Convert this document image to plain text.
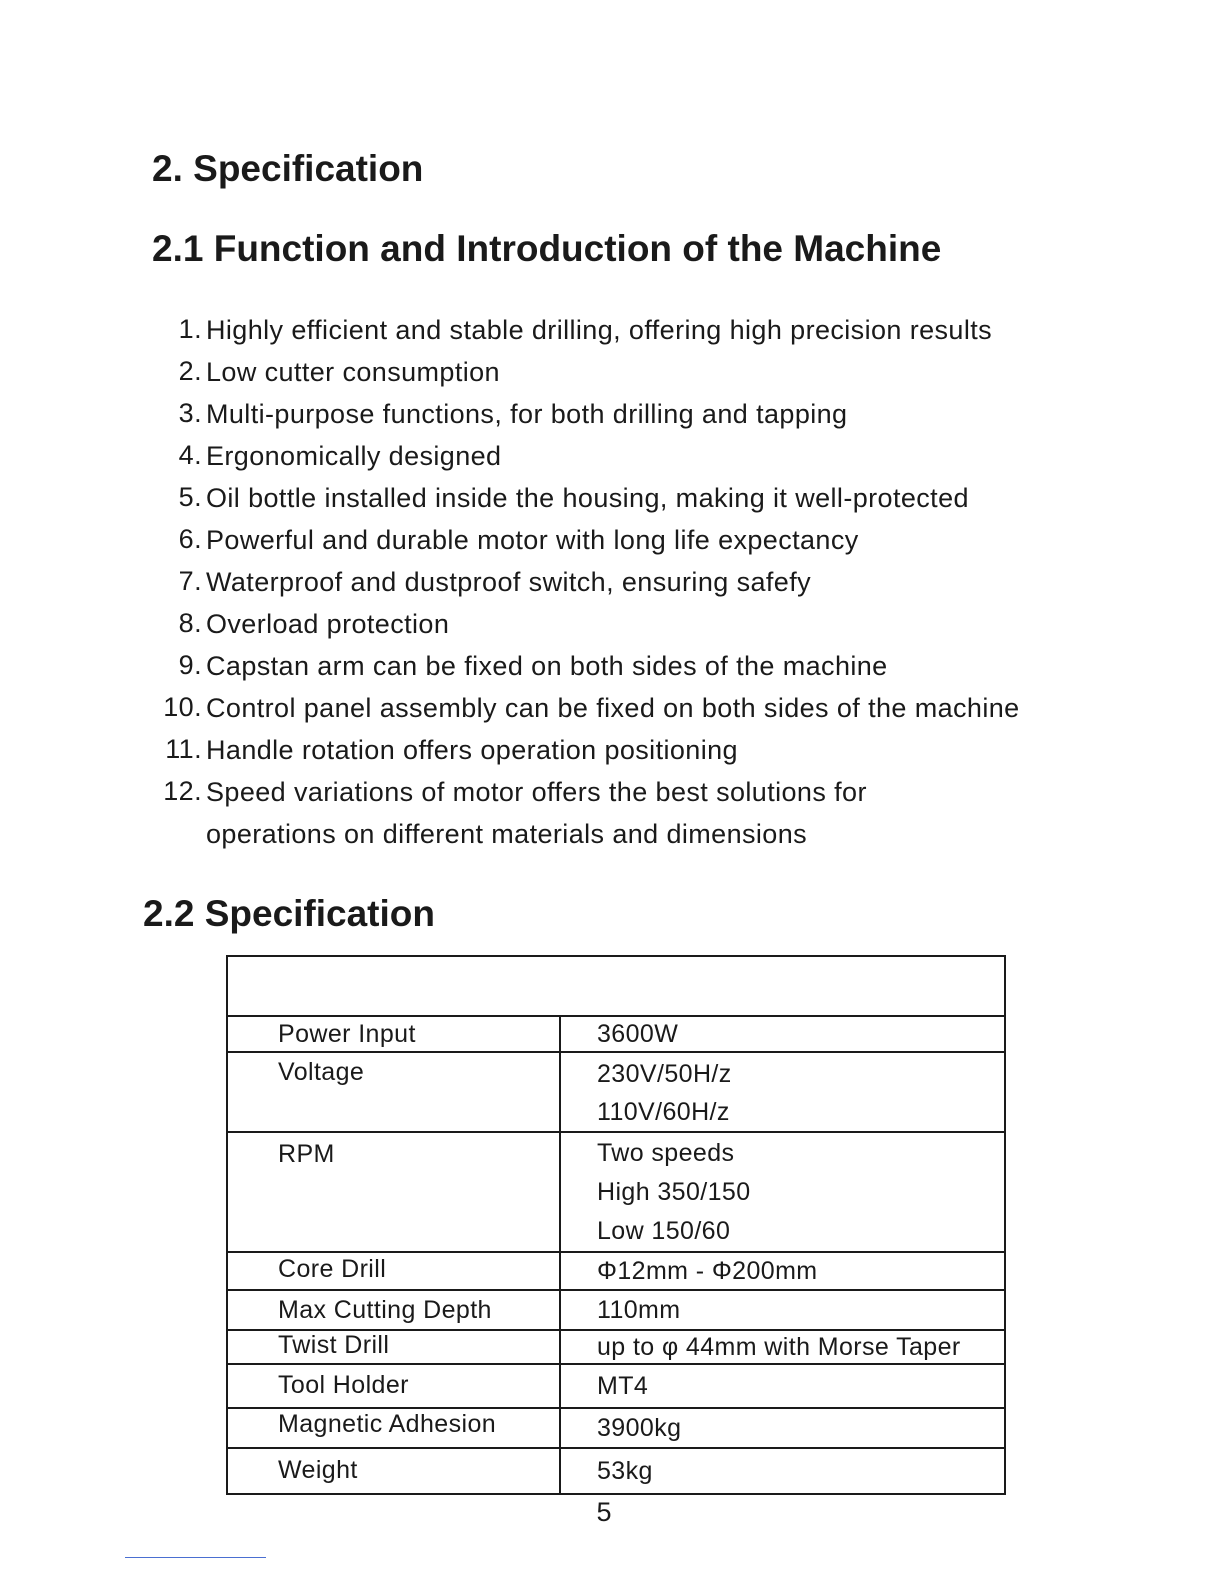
2. Specification
2.1 Function and Introduction of the Machine
1. Highly efficient and stable drilling, offering high precision results
2. Low cutter consumption
3. Multi-purpose functions, for both drilling and tapping
4. Ergonomically designed
5. Oil bottle installed inside the housing, making it well-protected
6. Powerful and durable motor with long life expectancy
7. Waterproof and dustproof switch, ensuring safefy
8. Overload protection
9. Capstan arm can be fixed on both sides of the machine
10. Control panel assembly can be fixed on both sides of the machine
11. Handle rotation offers operation positioning
12. Speed variations of motor offers the best solutions for operations on different materials and dimensions
2.2 Specification

Power Input	3600W

Voltage	230V/50H/z
110V/60H/z

RPM	Two speeds
High 350/150
Low 150/60

Core Drill	Φ12mm - Φ200mm

Max Cutting Depth	110mm

Twist Drill	up to φ 44mm with Morse Taper

Tool Holder	MT4

Magnetic Adhesion	3900kg

Weight	53kg
5
